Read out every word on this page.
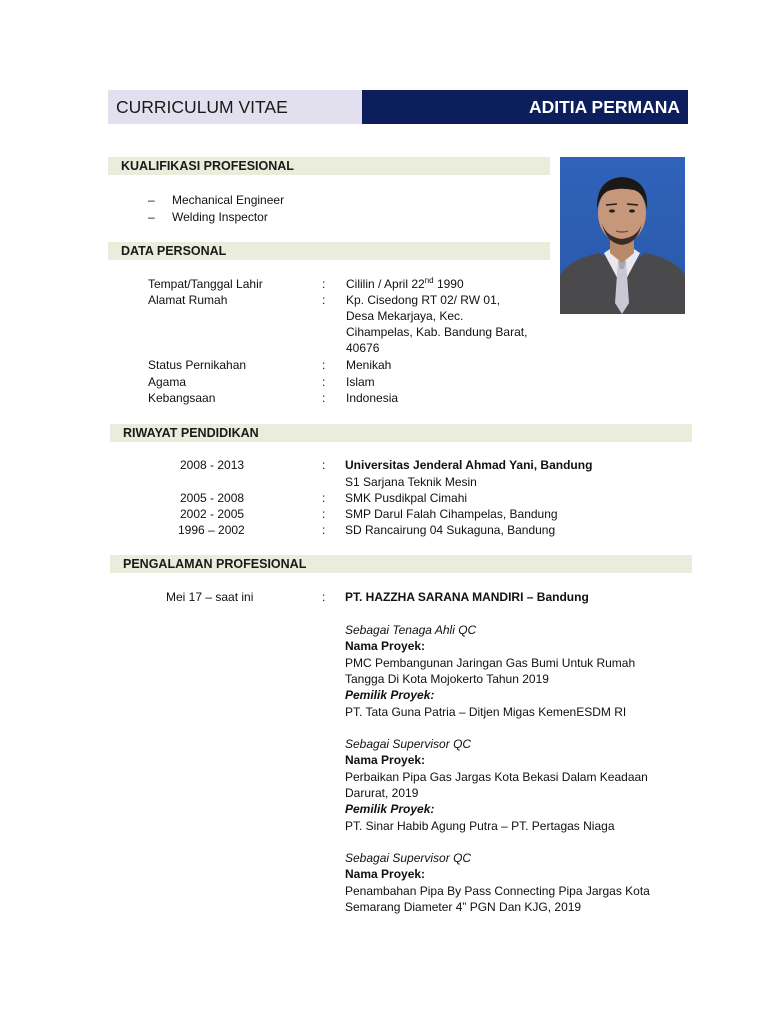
CURRICULUM VITAE	ADITIA PERMANA
KUALIFIKASI PROFESIONAL
– Mechanical Engineer
– Welding Inspector
DATA PERSONAL
Tempat/Tanggal Lahir	: Cililin / April 22nd 1990
Alamat Rumah	: Kp. Cisedong RT 02/ RW 01,
Desa Mekarjaya, Kec.
Cihampelas, Kab. Bandung Barat,
40676
Status Pernikahan	: Menikah
Agama	: Islam
Kebangsaan	: Indonesia
RIWAYAT PENDIDIKAN
2008 - 2013	: Universitas Jenderal Ahmad Yani, Bandung
S1 Sarjana Teknik Mesin
2005 - 2008	: SMK Pusdikpal Cimahi
2002 - 2005	: SMP Darul Falah Cihampelas, Bandung
1996 – 2002	: SD Rancairung 04 Sukaguna, Bandung
PENGALAMAN PROFESIONAL
Mei 17 – saat ini	: PT. HAZZHA SARANA MANDIRI – Bandung
Sebagai Tenaga Ahli QC
Nama Proyek:
PMC Pembangunan Jaringan Gas Bumi Untuk Rumah
Tangga Di Kota Mojokerto Tahun 2019
Pemilik Proyek:
PT. Tata Guna Patria – Ditjen Migas KemenESDM RI
Sebagai Supervisor QC
Nama Proyek:
Perbaikan Pipa Gas Jargas Kota Bekasi Dalam Keadaan
Darurat, 2019
Pemilik Proyek:
PT. Sinar Habib Agung Putra – PT. Pertagas Niaga
Sebagai Supervisor QC
Nama Proyek:
Penambahan Pipa By Pass Connecting Pipa Jargas Kota
Semarang Diameter 4” PGN Dan KJG, 2019
